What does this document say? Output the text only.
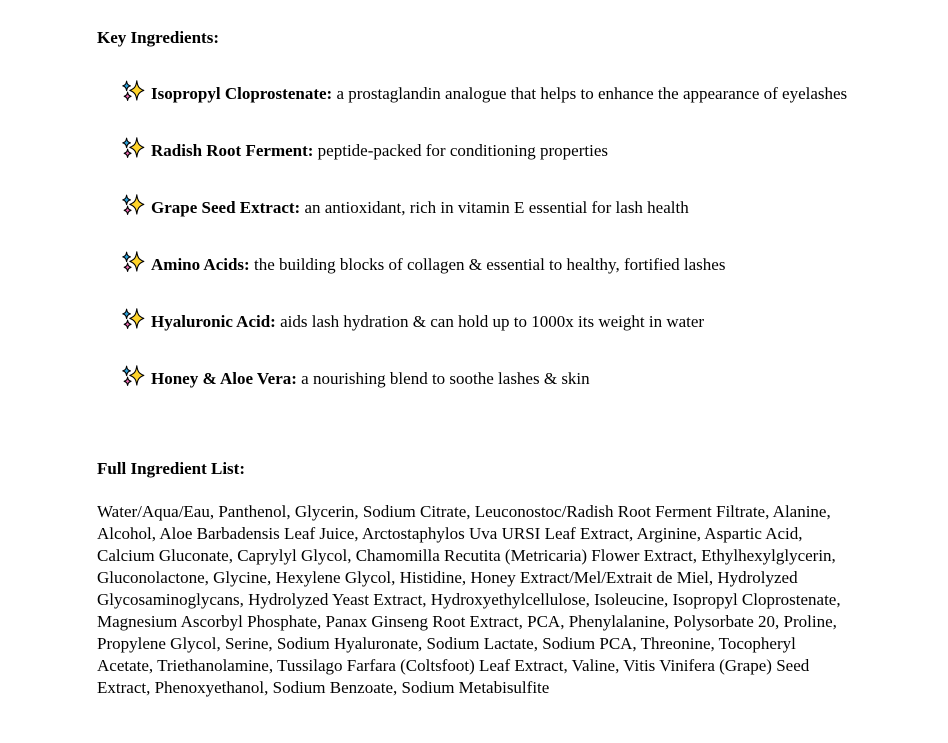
Key Ingredients:

Isopropyl Cloprostenate: a prostaglandin analogue that helps to enhance the appearance of eyelashes

Radish Root Ferment: peptide-packed for conditioning properties

Grape Seed Extract: an antioxidant, rich in vitamin E essential for lash health

Amino Acids: the building blocks of collagen & essential to healthy, fortified lashes

Hyaluronic Acid: aids lash hydration & can hold up to 1000x its weight in water

Honey & Aloe Vera: a nourishing blend to soothe lashes & skin

Full Ingredient List:

Water/Aqua/Eau, Panthenol, Glycerin, Sodium Citrate, Leuconostoc/Radish Root Ferment Filtrate, Alanine, Alcohol, Aloe Barbadensis Leaf Juice, Arctostaphylos Uva URSI Leaf Extract, Arginine, Aspartic Acid, Calcium Gluconate, Caprylyl Glycol, Chamomilla Recutita (Metricaria) Flower Extract, Ethylhexylglycerin, Gluconolactone, Glycine, Hexylene Glycol, Histidine, Honey Extract/Mel/Extrait de Miel, Hydrolyzed Glycosaminoglycans, Hydrolyzed Yeast Extract, Hydroxyethylcellulose, Isoleucine, Isopropyl Cloprostenate, Magnesium Ascorbyl Phosphate, Panax Ginseng Root Extract, PCA, Phenylalanine, Polysorbate 20, Proline, Propylene Glycol, Serine, Sodium Hyaluronate, Sodium Lactate, Sodium PCA, Threonine, Tocopheryl Acetate, Triethanolamine, Tussilago Farfara (Coltsfoot) Leaf Extract, Valine, Vitis Vinifera (Grape) Seed Extract, Phenoxyethanol, Sodium Benzoate, Sodium Metabisulfite
